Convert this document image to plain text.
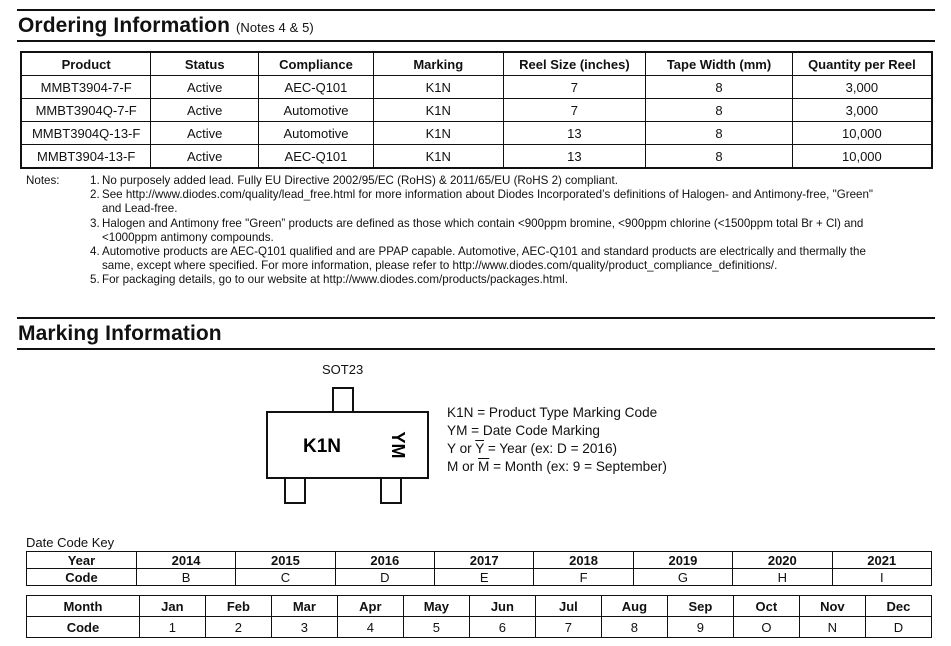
Ordering Information (Notes 4 & 5)
Product	Status	Compliance	Marking	Reel Size (inches)	Tape Width (mm)	Quantity per Reel
MMBT3904-7-F	Active	AEC-Q101	K1N	7	8	3,000
MMBT3904Q-7-F	Active	Automotive	K1N	7	8	3,000
MMBT3904Q-13-F	Active	Automotive	K1N	13	8	10,000
MMBT3904-13-F	Active	AEC-Q101	K1N	13	8	10,000
Notes:	1. No purposely added lead. Fully EU Directive 2002/95/EC (RoHS) & 2011/65/EU (RoHS 2) compliant.
2. See http://www.diodes.com/quality/lead_free.html for more information about Diodes Incorporated’s definitions of Halogen- and Antimony-free, "Green"
and Lead-free.
3. Halogen and Antimony free "Green” products are defined as those which contain <900ppm bromine, <900ppm chlorine (<1500ppm total Br + Cl) and
<1000ppm antimony compounds.
4. Automotive products are AEC-Q101 qualified and are PPAP capable. Automotive, AEC-Q101 and standard products are electrically and thermally the
same, except where specified. For more information, please refer to http://www.diodes.com/quality/product_compliance_definitions/.
5. For packaging details, go to our website at http://www.diodes.com/products/packages.html.
Marking Information
SOT23
K1N	YM
K1N = Product Type Marking Code
YM = Date Code Marking
Y or $\overline{Y}$ = Year (ex: D = 2016)
M or $\overline{M}$ = Month (ex: 9 = September)
Date Code Key
Year	2014	2015	2016	2017	2018	2019	2020	2021
Code	B	C	D	E	F	G	H	I
Month	Jan	Feb	Mar	Apr	May	Jun	Jul	Aug	Sep	Oct	Nov	Dec
Code	1	2	3	4	5	6	7	8	9	O	N	D
